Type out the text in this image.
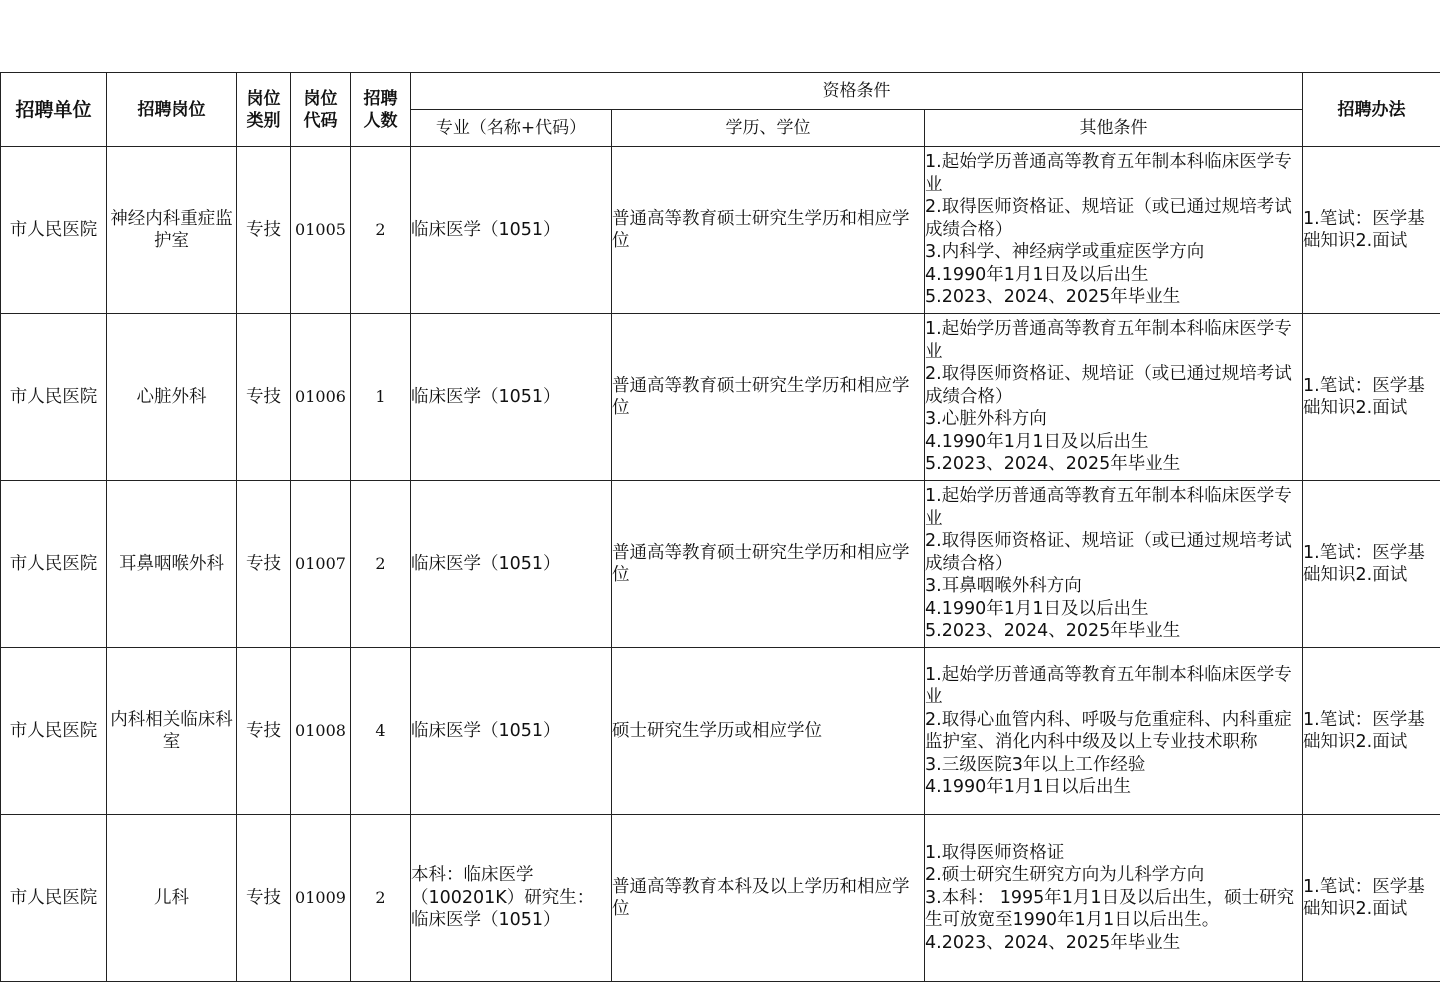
招聘单位	招聘岗位	岗位类别	岗位代码	招聘人数	资格条件			招聘办法
					专业（名称+代码）	学历、学位	其他条件	
市人民医院	神经内科重症监护室	专技	01005	2	临床医学（1051）	普通高等教育硕士研究生学历和相应学位	1.起始学历普通高等教育五年制本科临床医学专业
2.取得医师资格证、规培证（或已通过规培考试成绩合格）
3.内科学、神经病学或重症医学方向
4.1990年1月1日及以后出生
5.2023、2024、2025年毕业生	1.笔试：医学基础知识2.面试
市人民医院	心脏外科	专技	01006	1	临床医学（1051）	普通高等教育硕士研究生学历和相应学位	1.起始学历普通高等教育五年制本科临床医学专业
2.取得医师资格证、规培证（或已通过规培考试成绩合格）
3.心脏外科方向
4.1990年1月1日及以后出生
5.2023、2024、2025年毕业生	1.笔试：医学基础知识2.面试
市人民医院	耳鼻咽喉外科	专技	01007	2	临床医学（1051）	普通高等教育硕士研究生学历和相应学位	1.起始学历普通高等教育五年制本科临床医学专业
2.取得医师资格证、规培证（或已通过规培考试成绩合格）
3.耳鼻咽喉外科方向
4.1990年1月1日及以后出生
5.2023、2024、2025年毕业生	1.笔试：医学基础知识2.面试
市人民医院	内科相关临床科室	专技	01008	4	临床医学（1051）	硕士研究生学历或相应学位	1.起始学历普通高等教育五年制本科临床医学专业
2.取得心血管内科、呼吸与危重症科、内科重症监护室、消化内科中级及以上专业技术职称
3.三级医院3年以上工作经验
4.1990年1月1日以后出生	1.笔试：医学基础知识2.面试
市人民医院	儿科	专技	01009	2	本科：临床医学（100201K）研究生：临床医学（1051）	普通高等教育本科及以上学历和相应学位	1.取得医师资格证
2.硕士研究生研究方向为儿科学方向
3.本科： 1995年1月1日及以后出生，硕士研究生可放宽至1990年1月1日以后出生。
4.2023、2024、2025年毕业生	1.笔试：医学基础知识2.面试
